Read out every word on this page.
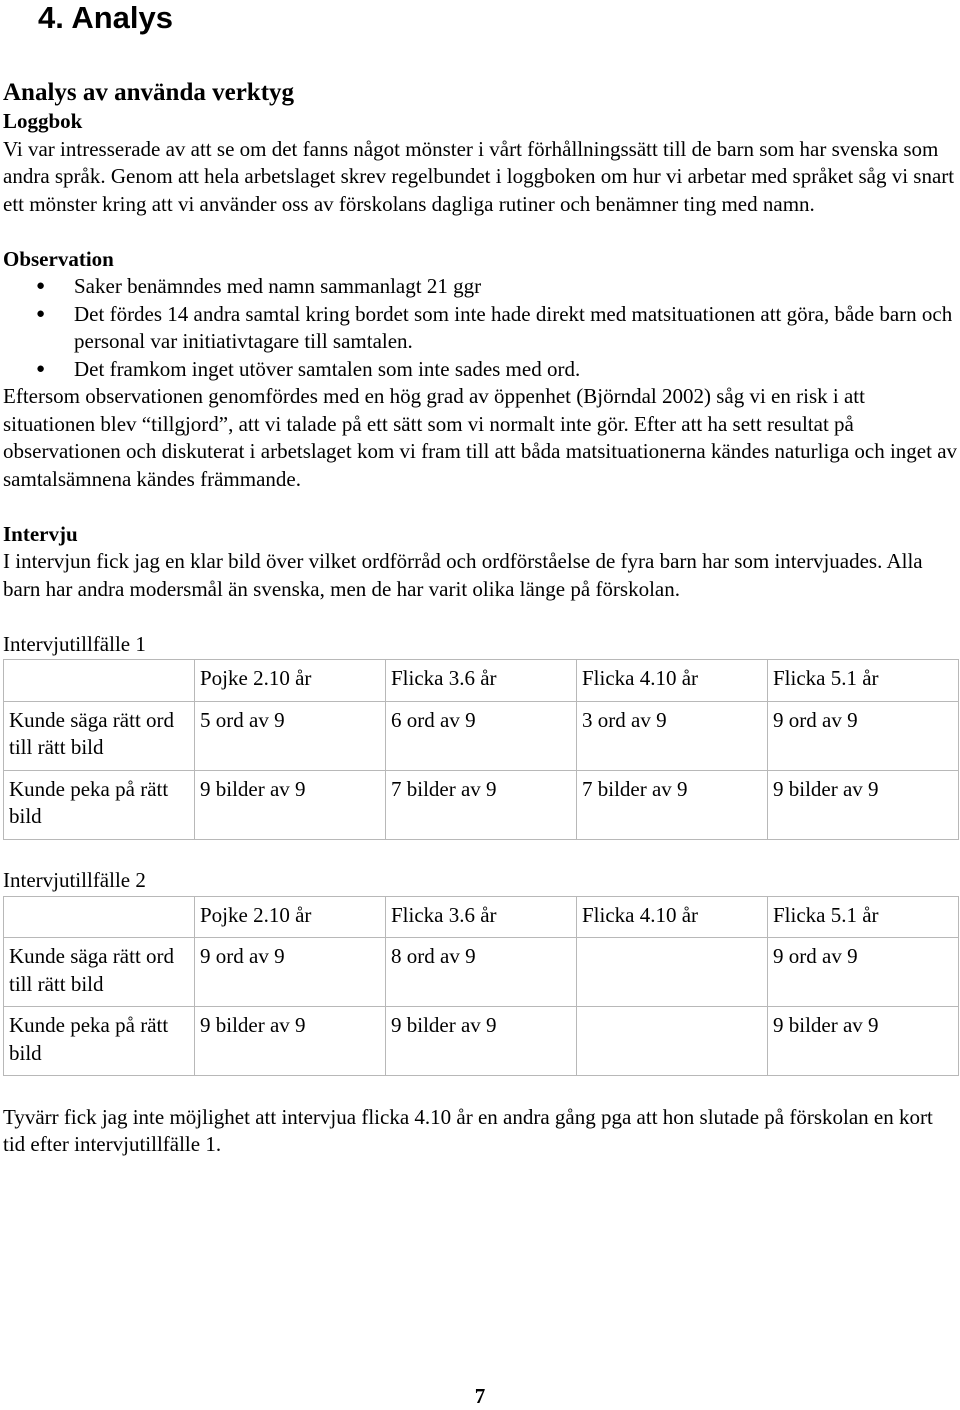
4. Analys
Analys av använda verktyg
Loggbok

Vi var intresserade av att se om det fanns något mönster i vårt förhållningssätt till de barn som har svenska som andra språk. Genom att hela arbetslaget skrev regelbundet i loggboken om hur vi arbetar med språket såg vi snart ett mönster kring att vi använder oss av förskolans dagliga rutiner och benämner ting med namn.

Observation
● Saker benämndes med namn sammanlagt 21 ggr
● Det fördes 14 andra samtal kring bordet som inte hade direkt med matsituationen att göra, både barn och personal var initiativtagare till samtalen.
● Det framkom inget utöver samtalen som inte sades med ord.

Eftersom observationen genomfördes med en hög grad av öppenhet (Björndal 2002) såg vi en risk i att situationen blev “tillgjord”, att vi talade på ett sätt som vi normalt inte gör. Efter att ha sett resultat på observationen och diskuterat i arbetslaget kom vi fram till att båda matsituationerna kändes naturliga och inget av samtalsämnena kändes främmande.

Intervju

I intervjun fick jag en klar bild över vilket ordförråd och ordförståelse de fyra barn har som intervjuades. Alla barn har andra modersmål än svenska, men de har varit olika länge på förskolan.

Intervjutillfälle 1

	Pojke 2.10 år	Flicka 3.6 år	Flicka 4.10 år	Flicka 5.1 år
Kunde säga rätt ord till rätt bild	5 ord av 9	6 ord av 9	3 ord av 9	9 ord av 9
Kunde peka på rätt bild	9 bilder av 9	7 bilder av 9	7 bilder av 9	9 bilder av 9

Intervjutillfälle 2

	Pojke 2.10 år	Flicka 3.6 år	Flicka 4.10 år	Flicka 5.1 år
Kunde säga rätt ord till rätt bild	9 ord av 9	8 ord av 9		9 ord av 9
Kunde peka på rätt bild	9 bilder av 9	9 bilder av 9		9 bilder av 9

Tyvärr fick jag inte möjlighet att intervjua flicka 4.10 år en andra gång pga att hon slutade på förskolan en kort tid efter intervjutillfälle 1.

7
